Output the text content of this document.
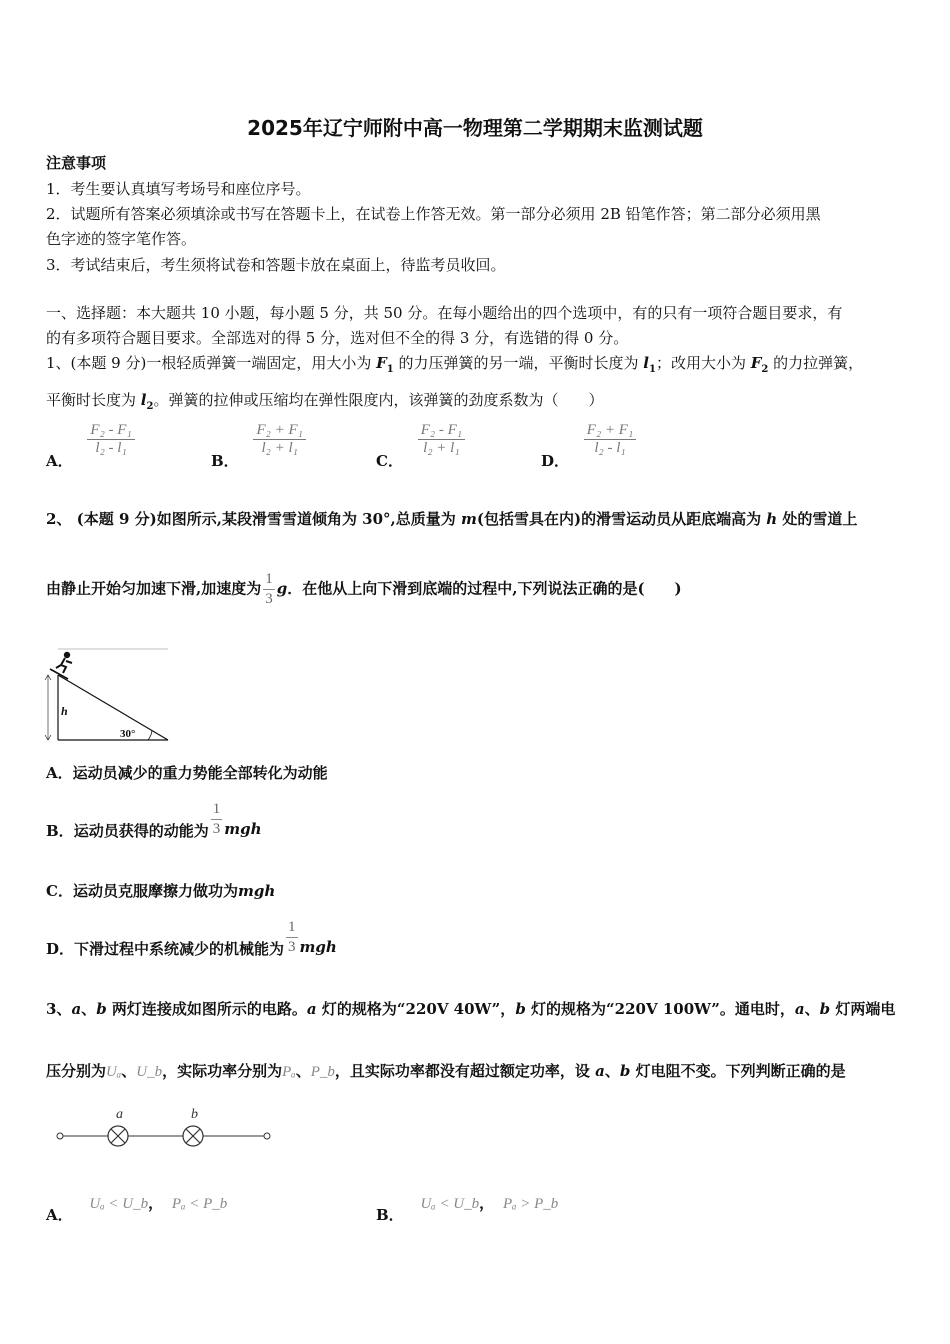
2025年辽宁师附中高一物理第二学期期末监测试题
注意事项
1．考生要认真填写考场号和座位序号。
2．试题所有答案必须填涂或书写在答题卡上，在试卷上作答无效。第一部分必须用 2B 铅笔作答；第二部分必须用黑
色字迹的签字笔作答。
3．考试结束后，考生须将试卷和答题卡放在桌面上，待监考员收回。
一、选择题：本大题共 10 小题，每小题 5 分，共 50 分。在每小题给出的四个选项中，有的只有一项符合题目要求，有
的有多项符合题目要求。全部选对的得 5 分，选对但不全的得 3 分，有选错的得 0 分。
1、(本题 9 分)一根轻质弹簧一端固定，用大小为 $F_1$ 的力压弹簧的另一端，平衡时长度为 $l_1$；改用大小为 $F_2$ 的力拉弹簧，
平衡时长度为 $l_2$。弹簧的拉伸或压缩均在弹性限度内，该弹簧的劲度系数为（　　）
A．
$\frac{\text{F₂ - F₁}}{\text{l₂ - l₁}}$
B．
$\frac{\text{F₂ + F₁}}{\text{l₂ + l₁}}$
C．
$\frac{\text{F₂ - F₁}}{\text{l₂ + l₁}}$
D．
$\frac{\text{F₂ + F₁}}{\text{l₂ - l₁}}$
2、 (本题 9 分)如图所示,某段滑雪雪道倾角为 30°,总质量为 m(包括雪具在内)的滑雪运动员从距底端高为 h 处的雪道上
由静止开始匀加速下滑,加速度为 $\frac{1}{3}$ g．在他从上向下滑到底端的过程中,下列说法正确的是(　　)
h
30°
A．运动员减少的重力势能全部转化为动能
B．运动员获得的动能为 $\frac{1}{3}$ mgh
C．运动员克服摩擦力做功为mgh
D．下滑过程中系统减少的机械能为 $\frac{1}{3}$ mgh
3、a、b 两灯连接成如图所示的电路。a 灯的规格为“220V 40W”，b 灯的规格为“220V 100W”。通电时，a、b 灯两端电
压分别为Uₐ、U_b，实际功率分别为Pₐ、P_b，且实际功率都没有超过额定功率，设 a、b 灯电阻不变。下列判断正确的是
a	b
A． Uₐ < U_b， Pₐ < P_b
B． Uₐ < U_b， Pₐ > P_b
